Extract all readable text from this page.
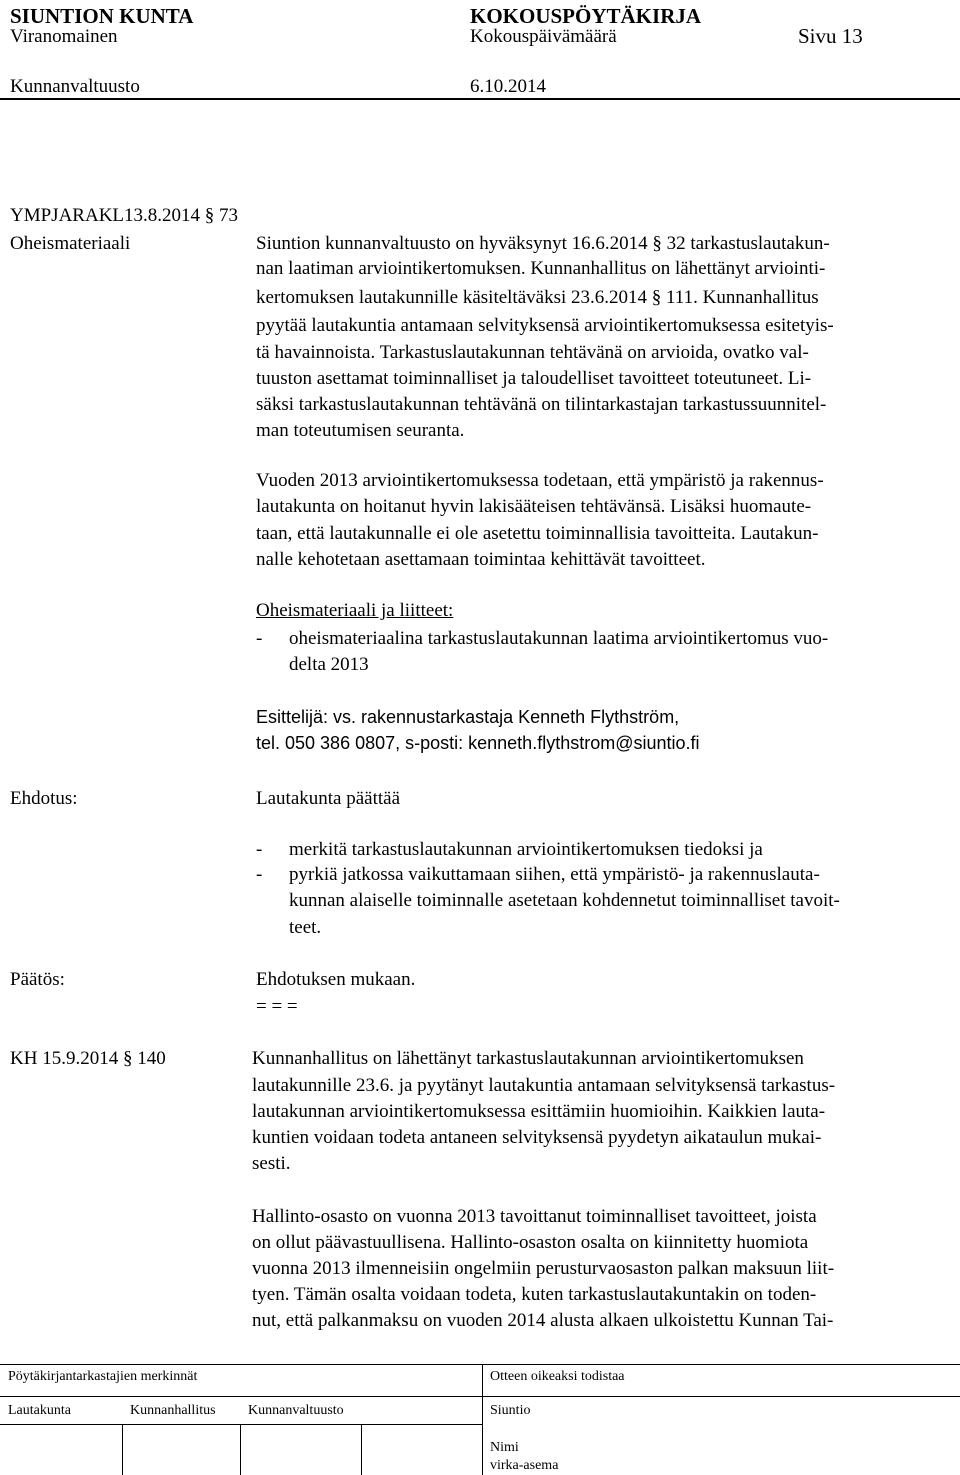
SIUNTION KUNTA	KOKOUSPÖYTÄKIRJA
Viranomainen	Kokouspäivämäärä	Sivu 13
Kunnanvaltuusto	6.10.2014
YMPJARAKL13.8.2014 § 73
Oheismateriaali	Siuntion kunnanvaltuusto on hyväksynyt 16.6.2014 § 32 tarkastuslautakun-
nan laatiman arviointikertomuksen. Kunnanhallitus on lähettänyt arviointi-
kertomuksen lautakunnille käsiteltäväksi 23.6.2014 § 111. Kunnanhallitus
pyytää lautakuntia antamaan selvityksensä arviointikertomuksessa esitetyis-
tä havainnoista. Tarkastuslautakunnan tehtävänä on arvioida, ovatko val-
tuuston asettamat toiminnalliset ja taloudelliset tavoitteet toteutuneet. Li-
säksi tarkastuslautakunnan tehtävänä on tilintarkastajan tarkastussuunnitel-
man toteutumisen seuranta.
Vuoden 2013 arviointikertomuksessa todetaan, että ympäristö ja rakennus-
lautakunta on hoitanut hyvin lakisääteisen tehtävänsä. Lisäksi huomaute-
taan, että lautakunnalle ei ole asetettu toiminnallisia tavoitteita. Lautakun-
nalle kehotetaan asettamaan toimintaa kehittävät tavoitteet.
Oheismateriaali ja liitteet:
- oheismateriaalina tarkastuslautakunnan laatima arviointikertomus vuo-
delta 2013
Esittelijä: vs. rakennustarkastaja Kenneth Flythström,
tel. 050 386 0807, s-posti: kenneth.flythstrom@siuntio.fi
Ehdotus:	Lautakunta päättää
- merkitä tarkastuslautakunnan arviointikertomuksen tiedoksi ja
- pyrkiä jatkossa vaikuttamaan siihen, että ympäristö- ja rakennuslauta-
kunnan alaiselle toiminnalle asetetaan kohdennetut toiminnalliset tavoit-
teet.
Päätös:	Ehdotuksen mukaan.
= = =
KH 15.9.2014 § 140	Kunnanhallitus on lähettänyt tarkastuslautakunnan arviointikertomuksen
lautakunnille 23.6. ja pyytänyt lautakuntia antamaan selvityksensä tarkastus-
lautakunnan arviointikertomuksessa esittämiin huomioihin. Kaikkien lauta-
kuntien voidaan todeta antaneen selvityksensä pyydetyn aikataulun mukai-
sesti.
Hallinto-osasto on vuonna 2013 tavoittanut toiminnalliset tavoitteet, joista
on ollut päävastuullisena. Hallinto-osaston osalta on kiinnitetty huomiota
vuonna 2013 ilmenneisiin ongelmiin perusturvaosaston palkan maksuun liit-
tyen. Tämän osalta voidaan todeta, kuten tarkastuslautakuntakin on toden-
nut, että palkanmaksu on vuoden 2014 alusta alkaen ulkoistettu Kunnan Tai-
Pöytäkirjantarkastajien merkinnät	Otteen oikeaksi todistaa
Lautakunta	Kunnanhallitus Kunnanvaltuusto	Siuntio
Nimi
virka-asema
